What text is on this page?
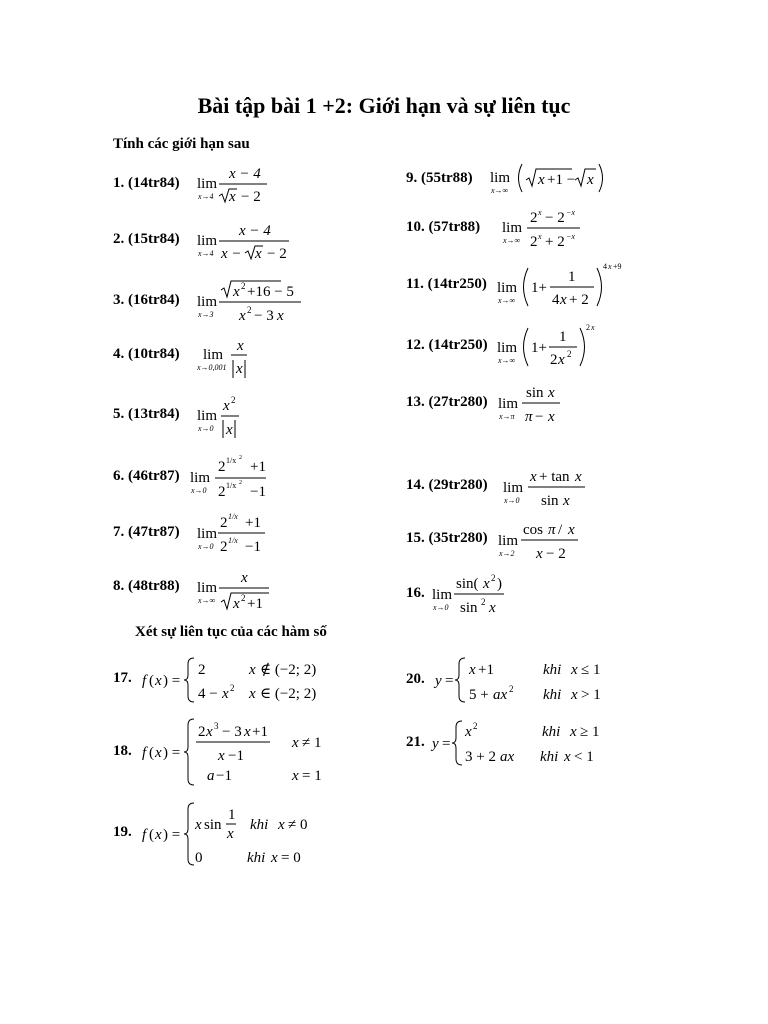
Bài tập bài 1 +2: Giới hạn và sự liên tục
Tính các giới hạn sau
Xét sự liên tục của các hàm số
1. (14tr84)
2. (15tr84)
3. (16tr84)
4. (10tr84)
5. (13tr84)
6. (46tr87)
7. (47tr87)
8. (48tr88)
17.
18.
19.
9. (55tr88)
10. (57tr88)
11. (14tr250)
12. (14tr250)
13. (27tr280)
14. (29tr280)
15. (35tr280)
16.
20.
21.
lim
x→4
x − 4
x − 2
lim
x→4
x − 4
x − x − 2
lim
x→3
x 2 +16 − 5
x 2 − 3 x
lim
x→0,001
x
x
lim
x→0
x 2
x
lim
x→0
2 1/x 2
+1
2 1/x 2
−1
lim
x→0
2 1/x +1
2 1/x −1
lim
x→∞
x
x 2 +1
lim
x→∞
x +1 − x
lim
x→∞
2 x − 2 −x
2 x + 2 −x
lim
x→∞
1+
1
4 x + 2
4 x +9
lim
x→∞
1+
1
2 x 2
2 x
lim
x→π
sin x
π − x
lim
x→0
x + tan x
sin x
lim
x→2
cos π / x
x − 2
lim
x→0
sin( x 2 )
sin 2 x
f ( x ) =
2	x ∉ (−2; 2)
4 − x 2 x ∈ (−2; 2)
f ( x ) =
2 x 3 − 3 x +1
x −1
x ≠ 1
a −1	x = 1
f ( x ) =
x sin
1
x
khi x ≠ 0
0	khi x = 0
y =
x +1	khi x ≤ 1
5 + ax 2 khi x > 1
y =
x 2	khi x ≥ 1
3 + 2 ax khi x < 1
